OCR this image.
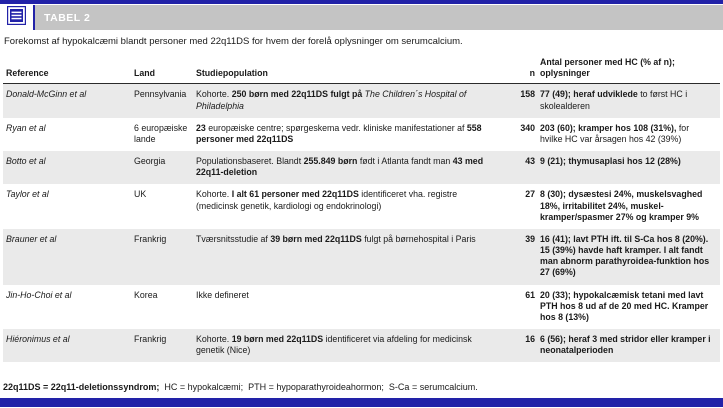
TABEL 2
Forekomst af hypokalcæmi blandt personer med 22q11DS for hvem der forelå oplysninger om serumcalcium.
Reference	Land	Studiepopulation	n	Antal personer med HC (% af n); oplysninger
Donald-McGinn et al	Pennsylvania	Kohorte. 250 børn med 22q11DS fulgt på The Children´s Hospital of Philadelphia	158	77 (49); heraf udviklede to først HC i skolealderen
Ryan et al	6 europæiske lande	23 europæiske centre; spørgeskema vedr. kliniske manifestationer af 558 personer med 22q11DS	340	203 (60); kramper hos 108 (31%), for hvilke HC var årsagen hos 42 (39%)
Botto et al	Georgia	Populationsbaseret. Blandt 255.849 børn født i Atlanta fandt man 43 med 22q11-deletion	43	9 (21); thymusaplasi hos 12 (28%)
Taylor et al	UK	Kohorte. I alt 61 personer med 22q11DS identificeret vha. registre (medicinsk genetik, kardiologi og endokrinologi)	27	8 (30); dysæstesi 24%, muskelsvaghed 18%, irritabilitet 24%, muskel- kramper/spasmer 27% og kramper 9%
Brauner et al	Frankrig	Tværsnitsstudie af 39 børn med 22q11DS fulgt på børnehospital i Paris	39	16 (41); lavt PTH ift. til S-Ca hos 8 (20%). 15 (39%) havde haft kramper. I alt fandt man abnorm parathyroidea-funktion hos 27 (69%)
Jin-Ho-Choi et al	Korea	Ikke defineret	61	20 (33); hypokalcæmisk tetani med lavt PTH hos 8 ud af de 20 med HC. Kramper hos 8 (13%)
Hiéronimus et al	Frankrig	Kohorte. 19 børn med 22q11DS identificeret via afdeling for medicinsk genetik (Nice)	16	6 (56); heraf 3 med stridor eller kramper i neonatalperioden
22q11DS = 22q11-deletionssyndrom;  HC = hypokalcæmi;  PTH = hypoparathyroideahormon;  S-Ca = serumcalcium.
